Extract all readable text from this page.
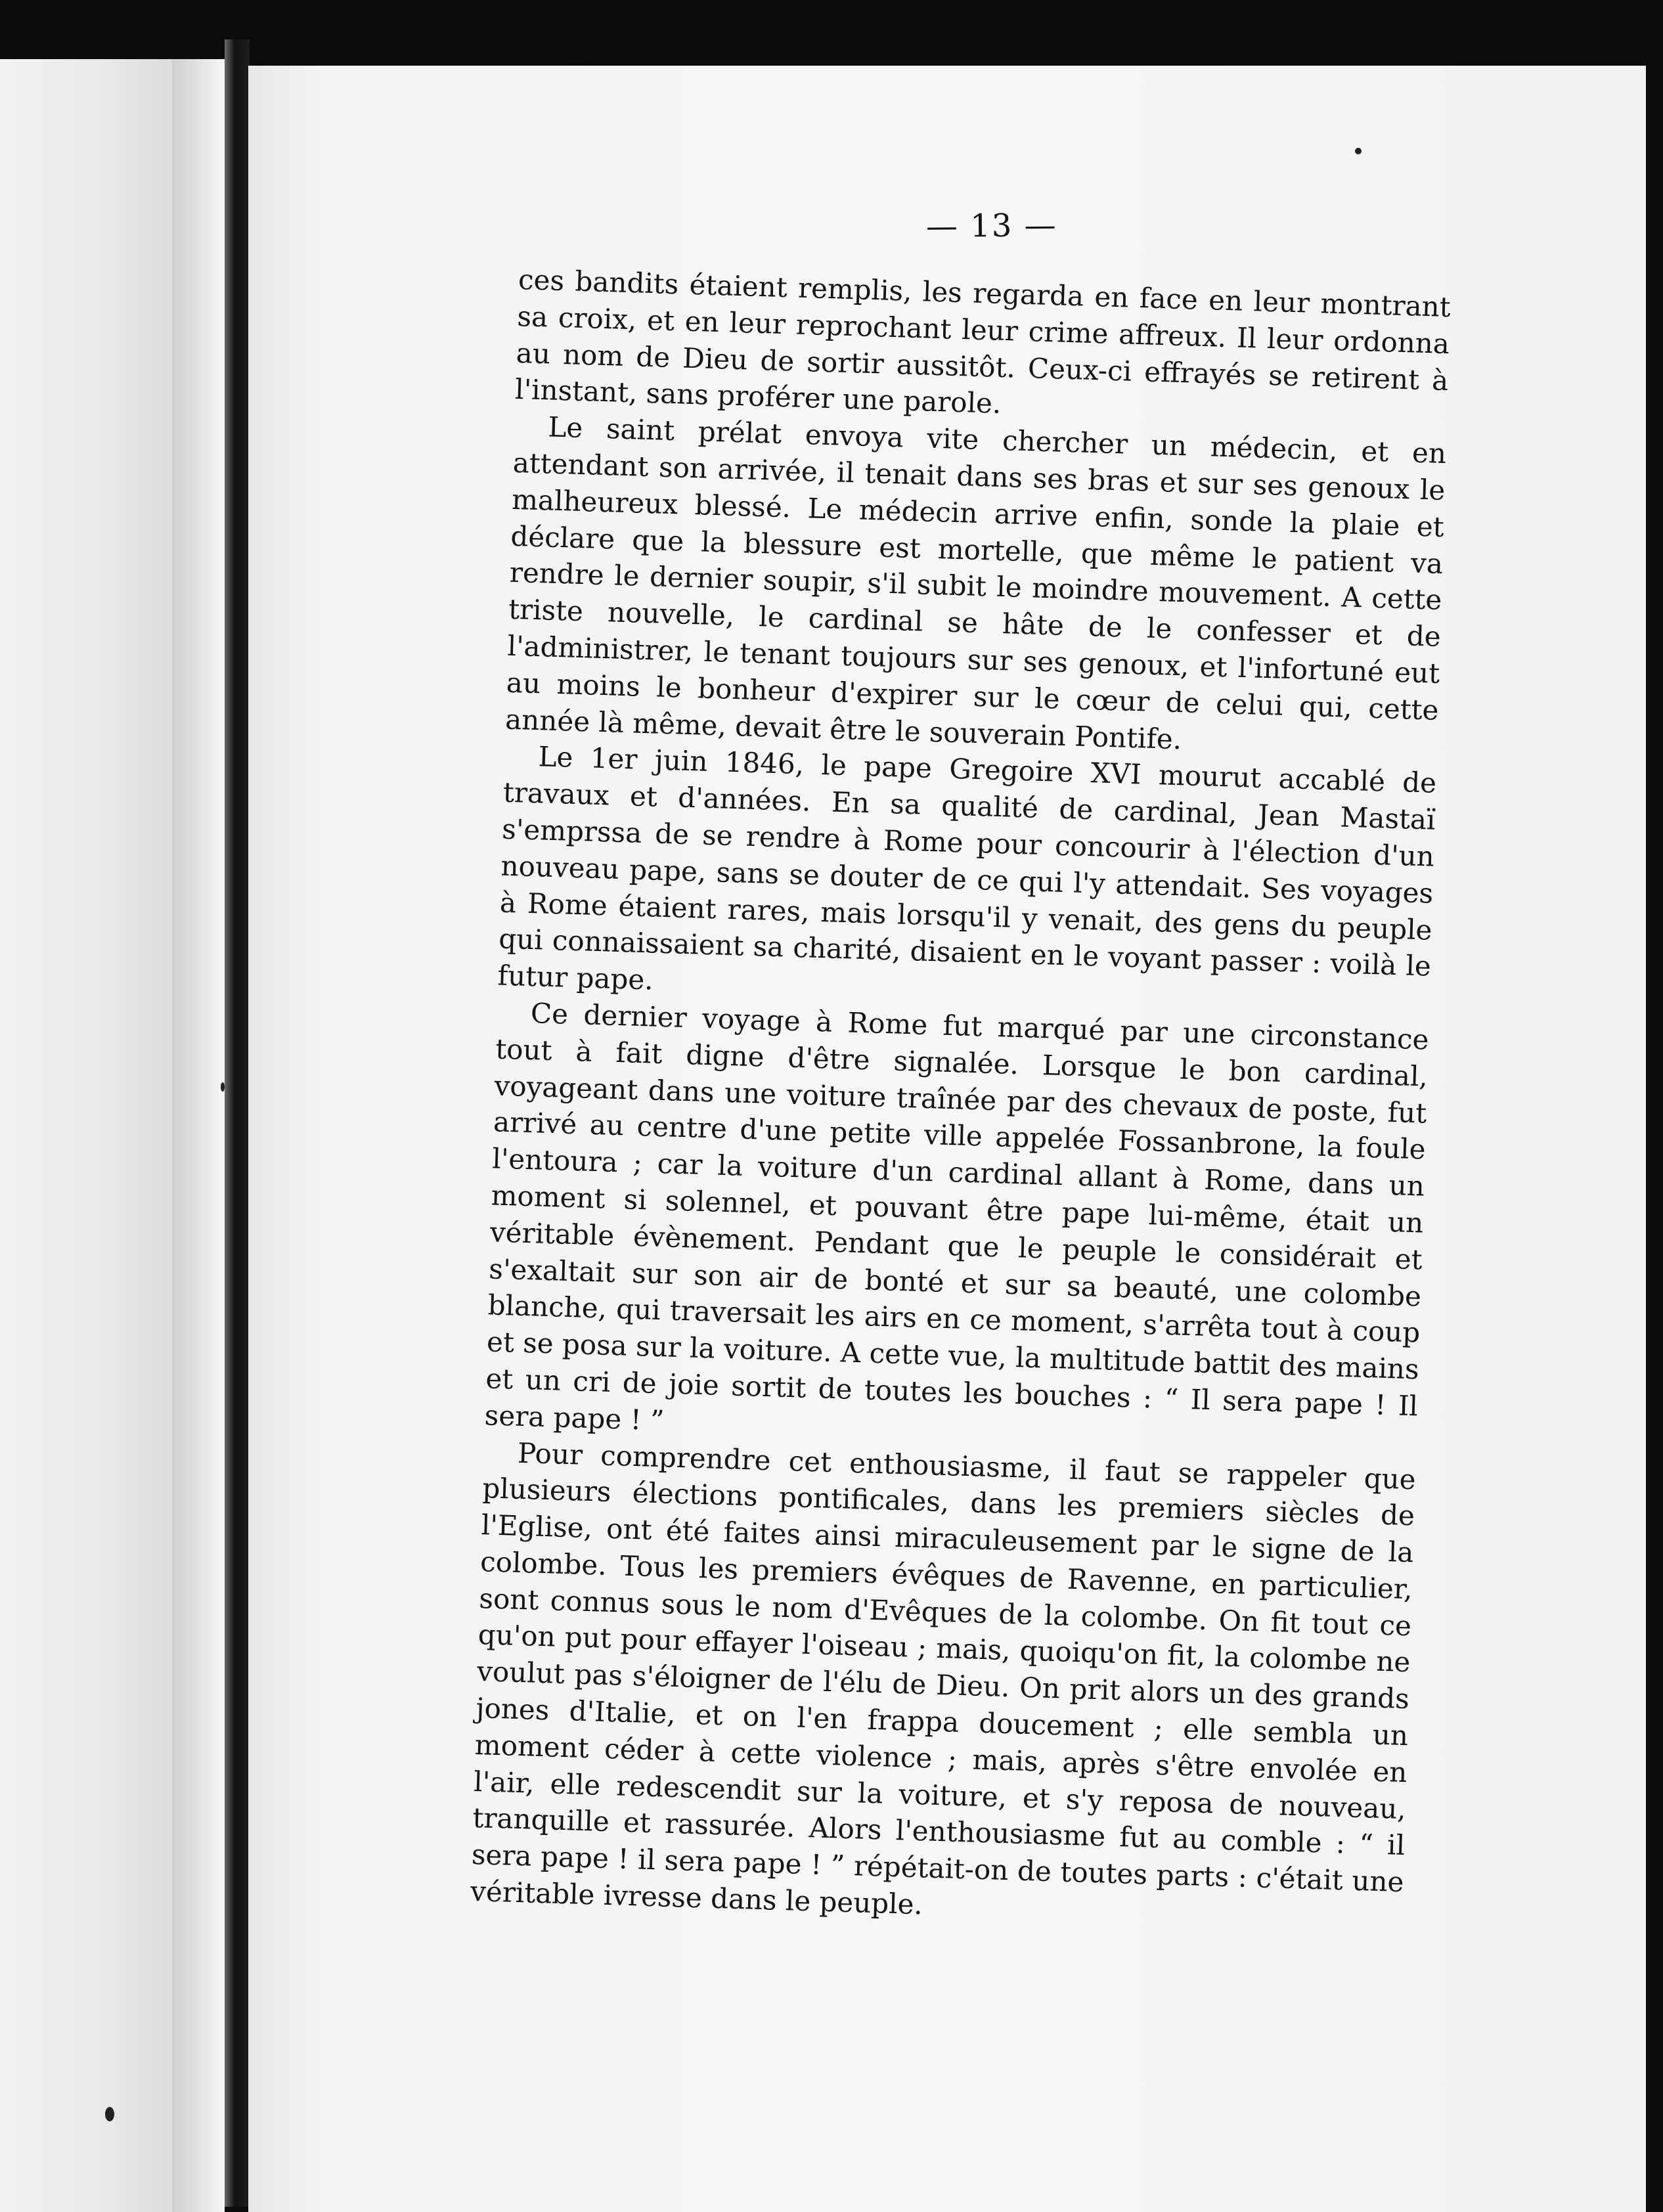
— 13 —

ces bandits étaient remplis, les regarda en face en leur montrant sa croix, et en leur reprochant leur crime affreux. Il leur ordonna au nom de Dieu de sortir aussitôt. Ceux-ci effrayés se retirent à l'instant, sans proférer une parole.

Le saint prélat envoya vite chercher un médecin, et en attendant son arrivée, il tenait dans ses bras et sur ses genoux le malheureux blessé. Le médecin arrive enfin, sonde la plaie et déclare que la blessure est mortelle, que même le patient va rendre le dernier soupir, s'il subit le moindre mouvement. A cette triste nouvelle, le cardinal se hâte de le confesser et de l'administrer, le tenant toujours sur ses genoux, et l'infortuné eut au moins le bonheur d'expirer sur le cœur de celui qui, cette année là même, devait être le souverain Pontife.

Le 1er juin 1846, le pape Gregoire XVI mourut accablé de travaux et d'années. En sa qualité de cardinal, Jean Mastaï s'emprssa de se rendre à Rome pour concourir à l'élection d'un nouveau pape, sans se douter de ce qui l'y attendait. Ses voyages à Rome étaient rares, mais lorsqu'il y venait, des gens du peuple qui connaissaient sa charité, disaient en le voyant passer : voilà le futur pape.

Ce dernier voyage à Rome fut marqué par une circonstance tout à fait digne d'être signalée. Lorsque le bon cardinal, voyageant dans une voiture traînée par des chevaux de poste, fut arrivé au centre d'une petite ville appelée Fossanbrone, la foule l'entoura ; car la voiture d'un cardinal allant à Rome, dans un moment si solennel, et pouvant être pape lui-même, était un véritable évènement. Pendant que le peuple le considérait et s'exaltait sur son air de bonté et sur sa beauté, une colombe blanche, qui traversait les airs en ce moment, s'arrêta tout à coup et se posa sur la voiture. A cette vue, la multitude battit des mains et un cri de joie sortit de toutes les bouches : “ Il sera pape ! Il sera pape ! ”

Pour comprendre cet enthousiasme, il faut se rappeler que plusieurs élections pontificales, dans les premiers siècles de l'Eglise, ont été faites ainsi miraculeusement par le signe de la colombe. Tous les premiers évêques de Ravenne, en particulier, sont connus sous le nom d'Evêques de la colombe. On fit tout ce qu'on put pour effayer l'oiseau ; mais, quoiqu'on fit, la colombe ne voulut pas s'éloigner de l'élu de Dieu. On prit alors un des grands jones d'Italie, et on l'en frappa doucement ; elle sembla un moment céder à cette violence ; mais, après s'être envolée en l'air, elle redescendit sur la voiture, et s'y reposa de nouveau, tranquille et rassurée. Alors l'enthousiasme fut au comble : “ il sera pape ! il sera pape ! ” répétait-on de toutes parts : c'était une véritable ivresse dans le peuple.
